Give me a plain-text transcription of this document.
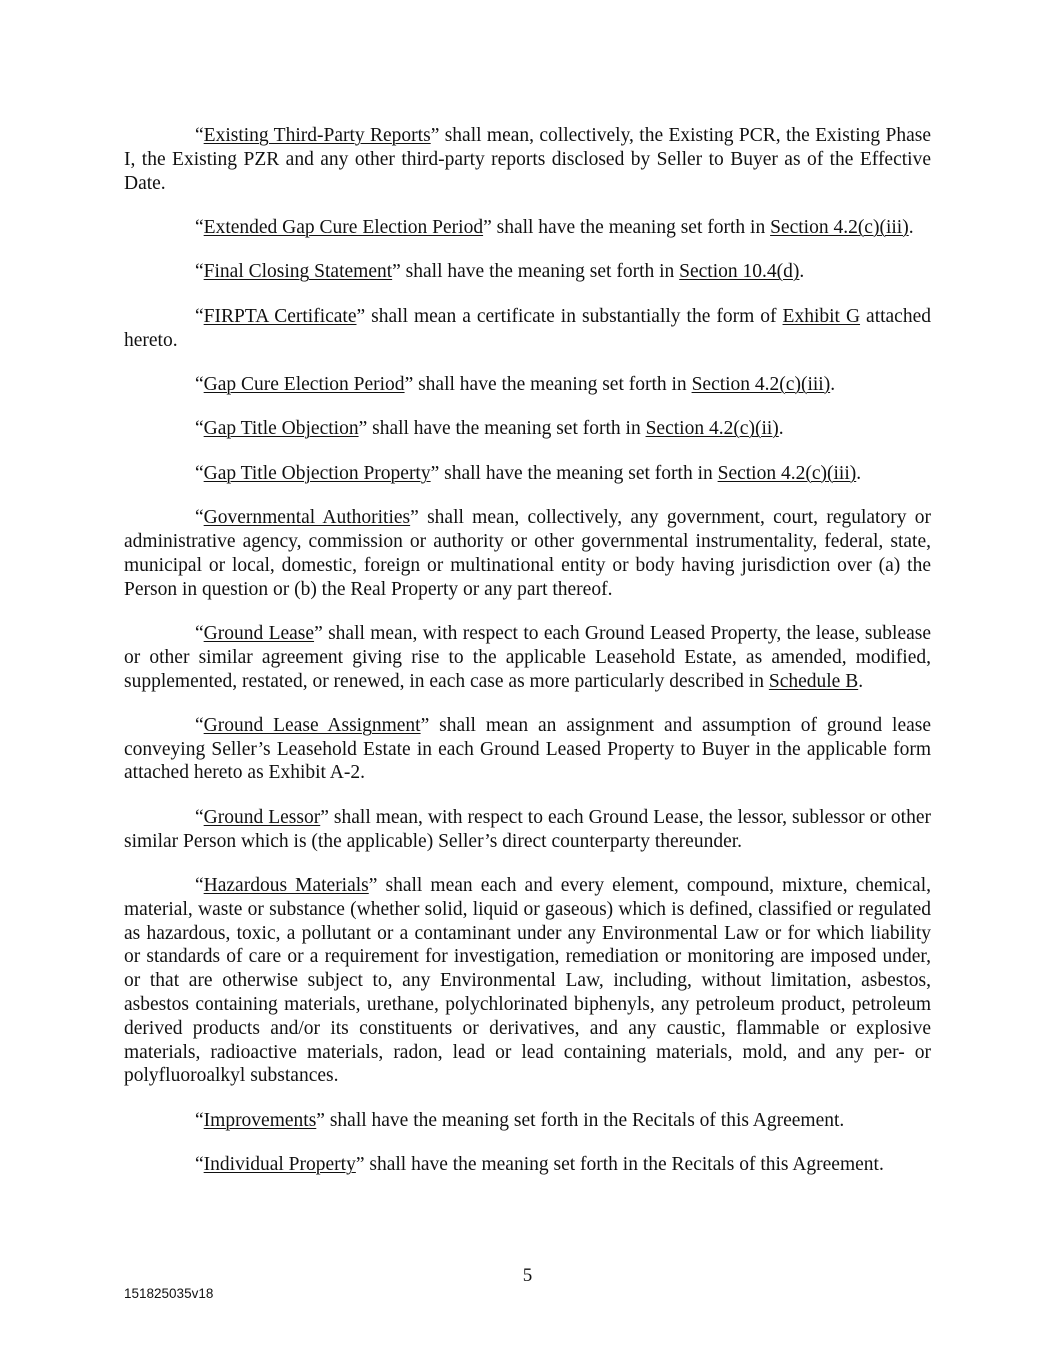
“Existing Third-Party Reports” shall mean, collectively, the Existing PCR, the Existing Phase I, the Existing PZR and any other third-party reports disclosed by Seller to Buyer as of the Effective Date.

“Extended Gap Cure Election Period” shall have the meaning set forth in Section 4.2(c)(iii).

“Final Closing Statement” shall have the meaning set forth in Section 10.4(d).

“FIRPTA Certificate” shall mean a certificate in substantially the form of Exhibit G attached hereto.

“Gap Cure Election Period” shall have the meaning set forth in Section 4.2(c)(iii).

“Gap Title Objection” shall have the meaning set forth in Section 4.2(c)(ii).

“Gap Title Objection Property” shall have the meaning set forth in Section 4.2(c)(iii).

“Governmental Authorities” shall mean, collectively, any government, court, regulatory or administrative agency, commission or authority or other governmental instrumentality, federal, state, municipal or local, domestic, foreign or multinational entity or body having jurisdiction over (a) the Person in question or (b) the Real Property or any part thereof.

“Ground Lease” shall mean, with respect to each Ground Leased Property, the lease, sublease or other similar agreement giving rise to the applicable Leasehold Estate, as amended, modified, supplemented, restated, or renewed, in each case as more particularly described in Schedule B.

“Ground Lease Assignment” shall mean an assignment and assumption of ground lease conveying Seller’s Leasehold Estate in each Ground Leased Property to Buyer in the applicable form attached hereto as Exhibit A-2.

“Ground Lessor” shall mean, with respect to each Ground Lease, the lessor, sublessor or other similar Person which is (the applicable) Seller’s direct counterparty thereunder.

“Hazardous Materials” shall mean each and every element, compound, mixture, chemical, material, waste or substance (whether solid, liquid or gaseous) which is defined, classified or regulated as hazardous, toxic, a pollutant or a contaminant under any Environmental Law or for which liability or standards of care or a requirement for investigation, remediation or monitoring are imposed under, or that are otherwise subject to, any Environmental Law, including, without limitation, asbestos, asbestos containing materials, urethane, polychlorinated biphenyls, any petroleum product, petroleum derived products and/or its constituents or derivatives, and any caustic, flammable or explosive materials, radioactive materials, radon, lead or lead containing materials, mold, and any per- or polyfluoroalkyl substances.

“Improvements” shall have the meaning set forth in the Recitals of this Agreement.

“Individual Property” shall have the meaning set forth in the Recitals of this Agreement.

5
151825035v18
